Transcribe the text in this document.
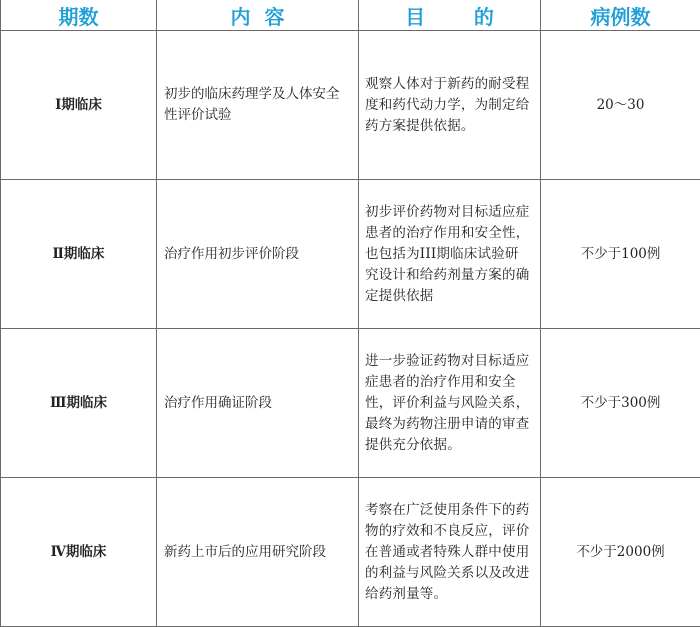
期数	内  容	目       的	病例数
Ⅰ期临床	初步的临床药理学及人体安全性评价试验	观察人体对于新药的耐受程度和药代动力学，为制定给药方案提供依据。	20～30
Ⅱ期临床	治疗作用初步评价阶段	初步评价药物对目标适应症患者的治疗作用和安全性，也包括为III期临床试验研究设计和给药剂量方案的确定提供依据	不少于100例
Ⅲ期临床	治疗作用确证阶段	进一步验证药物对目标适应症患者的治疗作用和安全性，评价利益与风险关系，最终为药物注册申请的审查提供充分依据。	不少于300例
Ⅳ期临床	新药上市后的应用研究阶段	考察在广泛使用条件下的药物的疗效和不良反应，评价在普通或者特殊人群中使用的利益与风险关系以及改进给药剂量等。	不少于2000例
